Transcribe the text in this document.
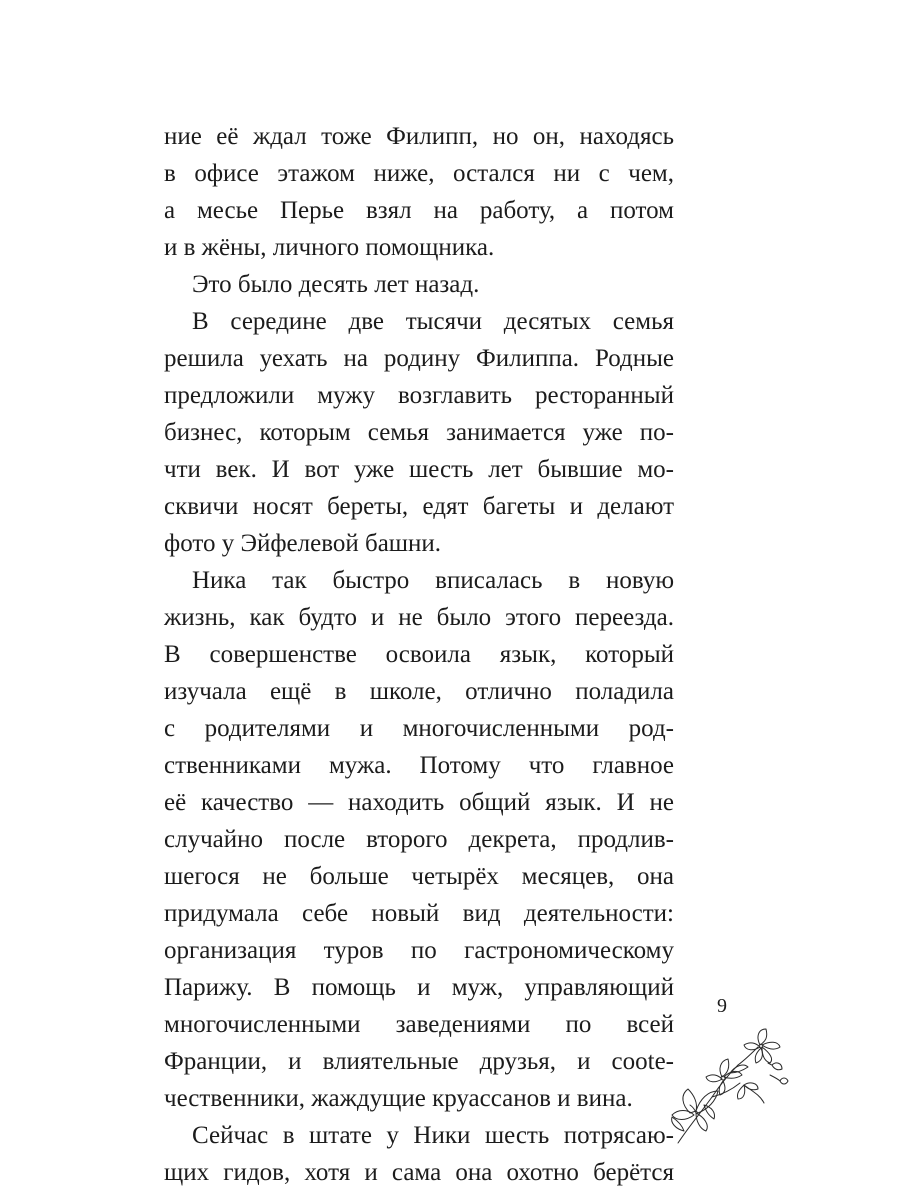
ние её ждал тоже Филипп, но он, находясь
в офисе этажом ниже, остался ни с чем,
а месье Перье взял на работу, а потом
и в жёны, личного помощника.
Это было десять лет назад.
В середине две тысячи десятых семья
решила уехать на родину Филиппа. Родные
предложили мужу возглавить ресторанный
бизнес, которым семья занимается уже по-
чти век. И вот уже шесть лет бывшие мо-
сквичи носят береты, едят багеты и делают
фото у Эйфелевой башни.
Ника так быстро вписалась в новую
жизнь, как будто и не было этого переезда.
В совершенстве освоила язык, который
изучала ещё в школе, отлично поладила
с родителями и многочисленными род-
ственниками мужа. Потому что главное
её качество — находить общий язык. И не
случайно после второго декрета, продлив-
шегося не больше четырёх месяцев, она
придумала себе новый вид деятельности:
организация туров по гастрономическому
Парижу. В помощь и муж, управляющий
многочисленными заведениями по всей
Франции, и влиятельные друзья, и соote-
чественники, жаждущие круассанов и вина.
Сейчас в штате у Ники шесть потрясаю-
щих гидов, хотя и сама она охотно берётся
9
